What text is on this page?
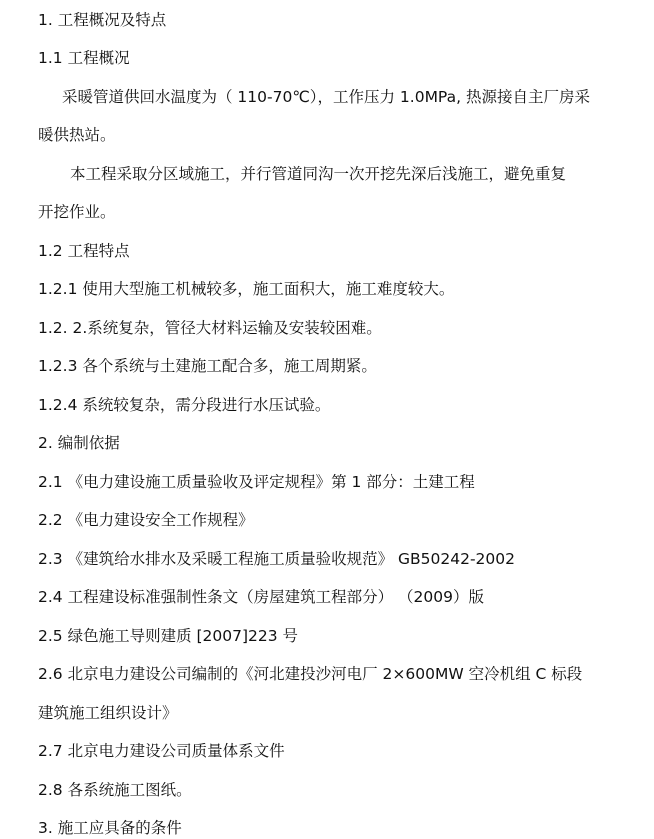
1. 工程概况及特点
1.1 工程概况
采暖管道供回水温度为（ 110-70℃），工作压力 1.0MPa, 热源接自主厂房采
暖供热站。
本工程采取分区域施工，并行管道同沟一次开挖先深后浅施工，避免重复
开挖作业。
1.2 工程特点
1.2.1 使用大型施工机械较多，施工面积大，施工难度较大。
1.2. 2.系统复杂，管径大材料运输及安装较困难。
1.2.3 各个系统与土建施工配合多，施工周期紧。
1.2.4 系统较复杂，需分段进行水压试验。
2. 编制依据
2.1 《电力建设施工质量验收及评定规程》第 1 部分：土建工程
2.2 《电力建设安全工作规程》
2.3 《建筑给水排水及采暖工程施工质量验收规范》 GB50242-2002
2.4 工程建设标准强制性条文（房屋建筑工程部分） （2009）版
2.5 绿色施工导则建质 [2007]223 号
2.6 北京电力建设公司编制的《河北建投沙河电厂 2×600MW 空冷机组 C 标段
建筑施工组织设计》
2.7 北京电力建设公司质量体系文件
2.8 各系统施工图纸。
3. 施工应具备的条件
